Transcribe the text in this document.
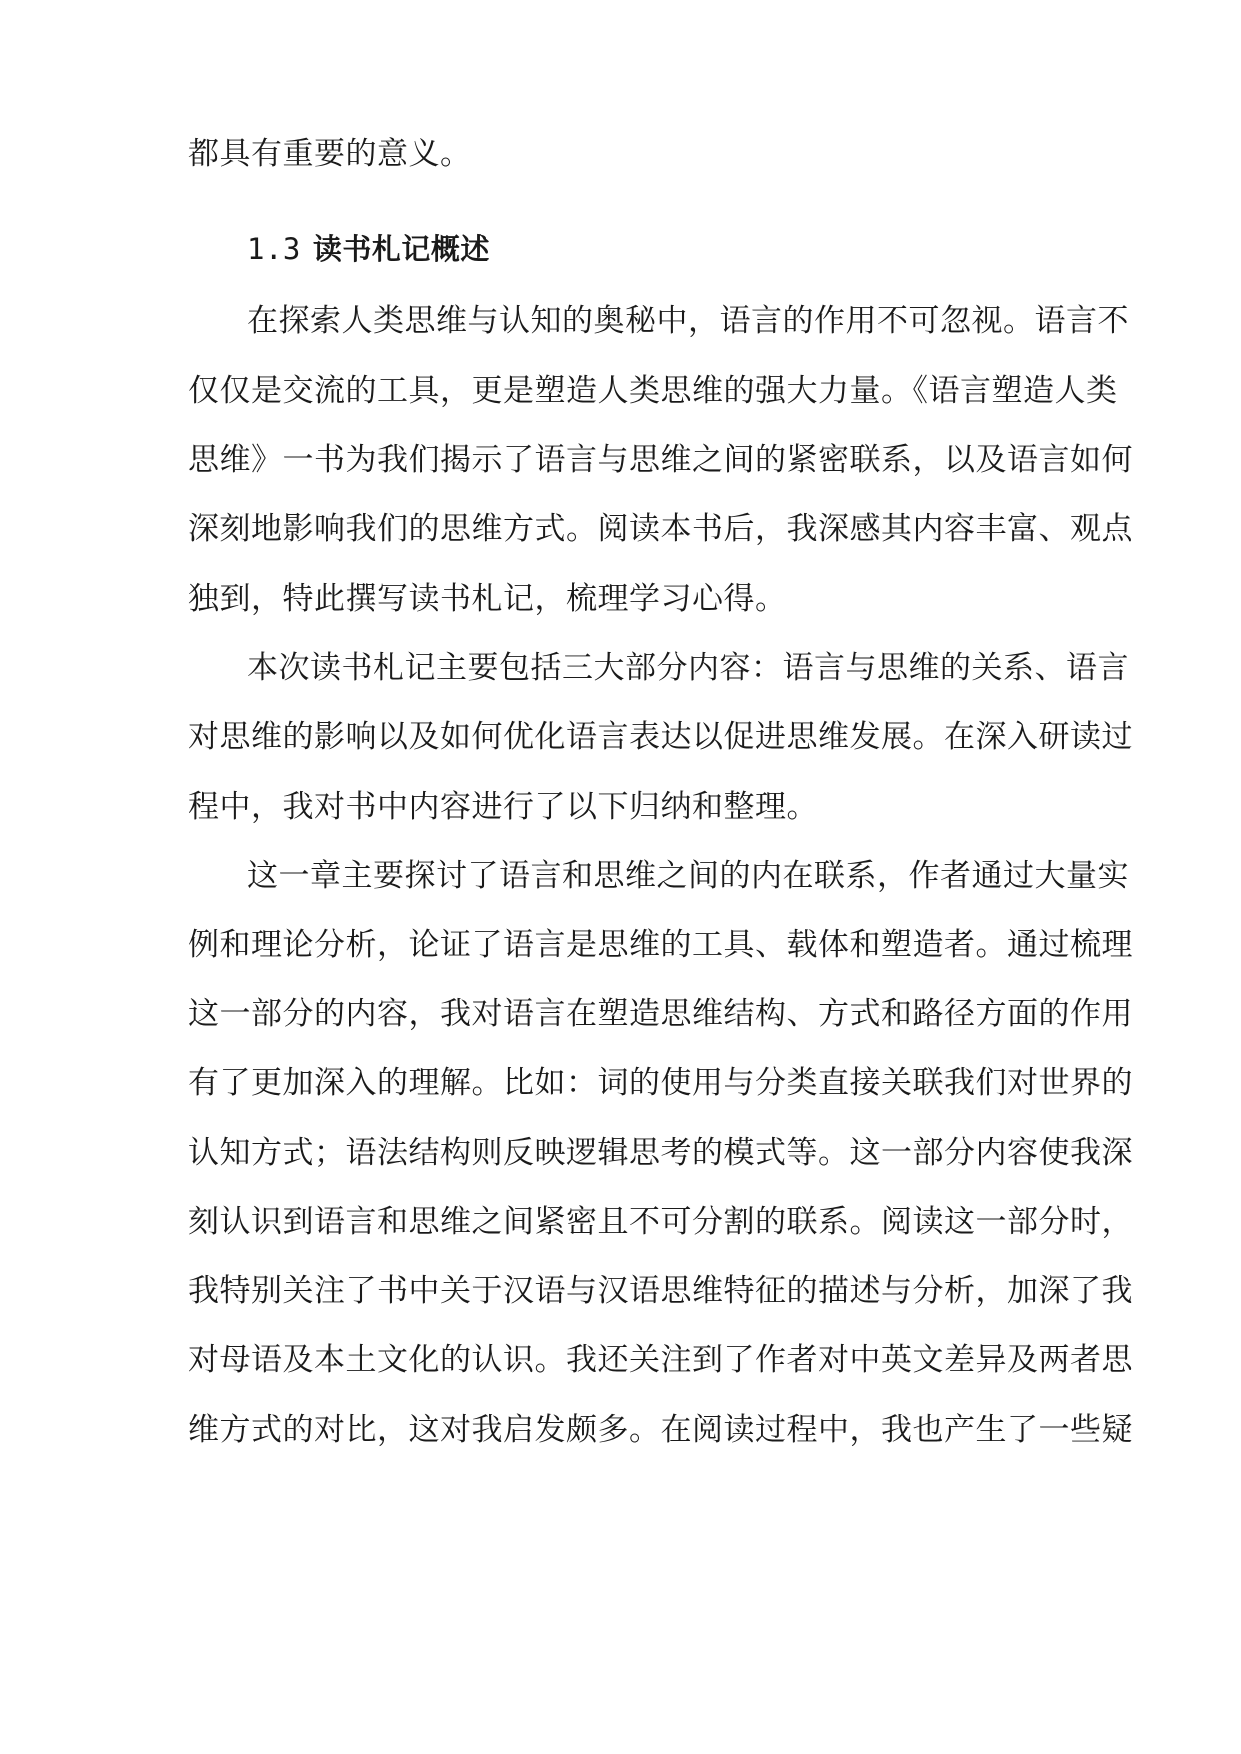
都具有重要的意义。
1.3 读书札记概述
在探索人类思维与认知的奥秘中，语言的作用不可忽视。语言不
仅仅是交流的工具，更是塑造人类思维的强大力量。《语言塑造人类
思维》一书为我们揭示了语言与思维之间的紧密联系，以及语言如何
深刻地影响我们的思维方式。阅读本书后，我深感其内容丰富、观点
独到，特此撰写读书札记，梳理学习心得。
本次读书札记主要包括三大部分内容：语言与思维的关系、语言
对思维的影响以及如何优化语言表达以促进思维发展。在深入研读过
程中，我对书中内容进行了以下归纳和整理。
这一章主要探讨了语言和思维之间的内在联系，作者通过大量实
例和理论分析，论证了语言是思维的工具、载体和塑造者。通过梳理
这一部分的内容，我对语言在塑造思维结构、方式和路径方面的作用
有了更加深入的理解。比如：词的使用与分类直接关联我们对世界的
认知方式；语法结构则反映逻辑思考的模式等。这一部分内容使我深
刻认识到语言和思维之间紧密且不可分割的联系。阅读这一部分时，
我特别关注了书中关于汉语与汉语思维特征的描述与分析，加深了我
对母语及本土文化的认识。我还关注到了作者对中英文差异及两者思
维方式的对比，这对我启发颇多。在阅读过程中，我也产生了一些疑
